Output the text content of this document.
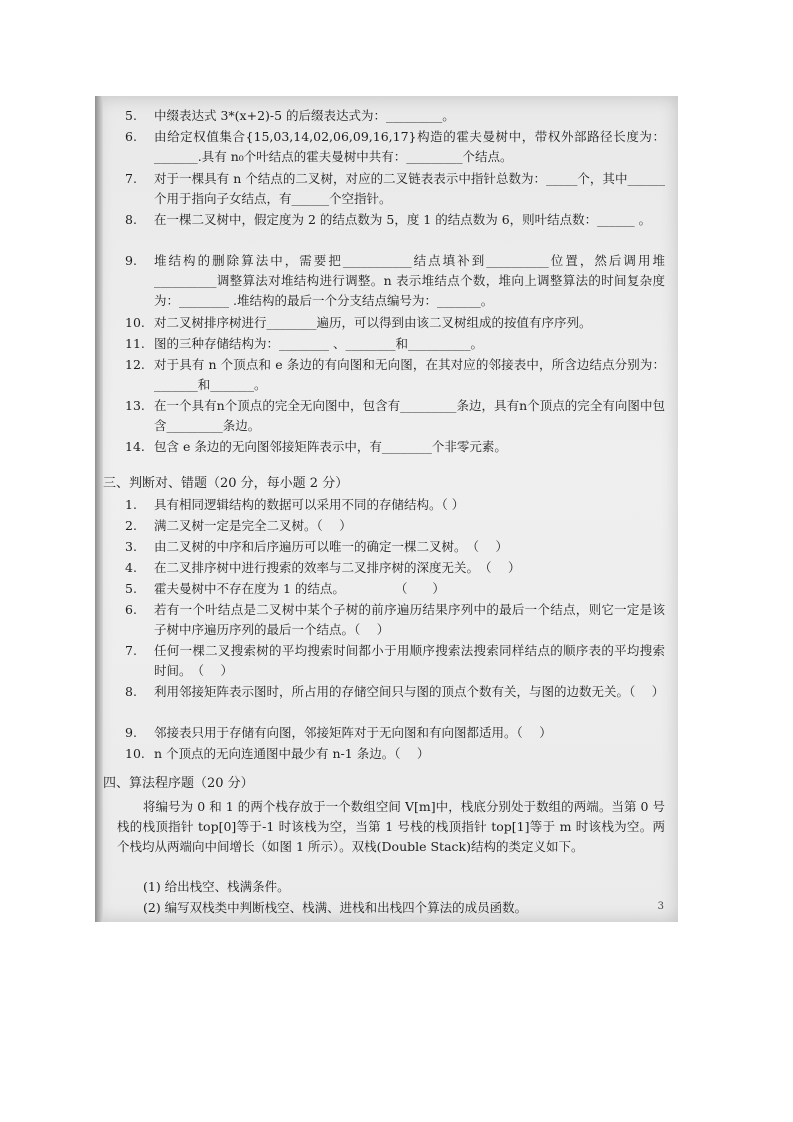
5.	中缀表达式 3*(x+2)-5 的后缀表达式为：_________。
6.	由给定权值集合{15,03,14,02,06,09,16,17}构造的霍夫曼树中，带权外部路径长度为：_______.具有 n₀个叶结点的霍夫曼树中共有：_________个结点。
7.	对于一棵具有 n 个结点的二叉树，对应的二叉链表表示中指针总数为：_____个，其中______个用于指向子女结点，有______个空指针。
8.	在一棵二叉树中，假定度为 2 的结点数为 5，度 1 的结点数为 6，则叶结点数：______ 。
9.	堆结构的删除算法中，需要把___________结点填补到__________位置，然后调用堆__________调整算法对堆结构进行调整。n 表示堆结点个数，堆向上调整算法的时间复杂度为：________ .堆结构的最后一个分支结点编号为：_______。
10. 对二叉树排序树进行________遍历，可以得到由该二叉树组成的按值有序序列。
11. 图的三种存储结构为：________ 、________和__________。
12. 对于具有 n 个顶点和 e 条边的有向图和无向图，在其对应的邻接表中，所含边结点分别为：_______和_______。
13. 在一个具有n个顶点的完全无向图中，包含有_________条边，具有n个顶点的完全有向图中包含_________条边。
14. 包含 e 条边的无向图邻接矩阵表示中，有________个非零元素。
三、判断对、错题（20 分，每小题 2 分）
1.	具有相同逻辑结构的数据可以采用不同的存储结构。（ ）
2.	满二叉树一定是完全二叉树。（　 ）
3.	由二叉树的中序和后序遍历可以唯一的确定一棵二叉树。　（　 ）
4.	在二叉排序树中进行搜索的效率与二叉排序树的深度无关。　（　 ）
5.	霍夫曼树中不存在度为 1 的结点。　　　　　（　　）
6.	若有一个叶结点是二叉树中某个子树的前序遍历结果序列中的最后一个结点，则它一定是该子树中序遍历序列的最后一个结点。（　 ）
7.	任何一棵二叉搜索树的平均搜索时间都小于用顺序搜索法搜索同样结点的顺序表的平均搜索时间。　（　 ）
8.	利用邻接矩阵表示图时，所占用的存储空间只与图的顶点个数有关，与图的边数无关。（　 ）
9.	邻接表只用于存储有向图，邻接矩阵对于无向图和有向图都适用。（　 ）
10. n 个顶点的无向连通图中最少有 n-1 条边。（　 ）
四、算法程序题（20 分）
将编号为 0 和 1 的两个栈存放于一个数组空间 V[m]中，栈底分别处于数组的两端。当第 0 号栈的栈顶指针 top[0]等于-1 时该栈为空，当第 1 号栈的栈顶指针 top[1]等于 m 时该栈为空。两个栈均从两端向中间增长（如图 1 所示）。双栈(Double Stack)结构的类定义如下。
(1) 给出栈空、栈满条件。
(2) 编写双栈类中判断栈空、栈满、进栈和出栈四个算法的成员函数。	3
